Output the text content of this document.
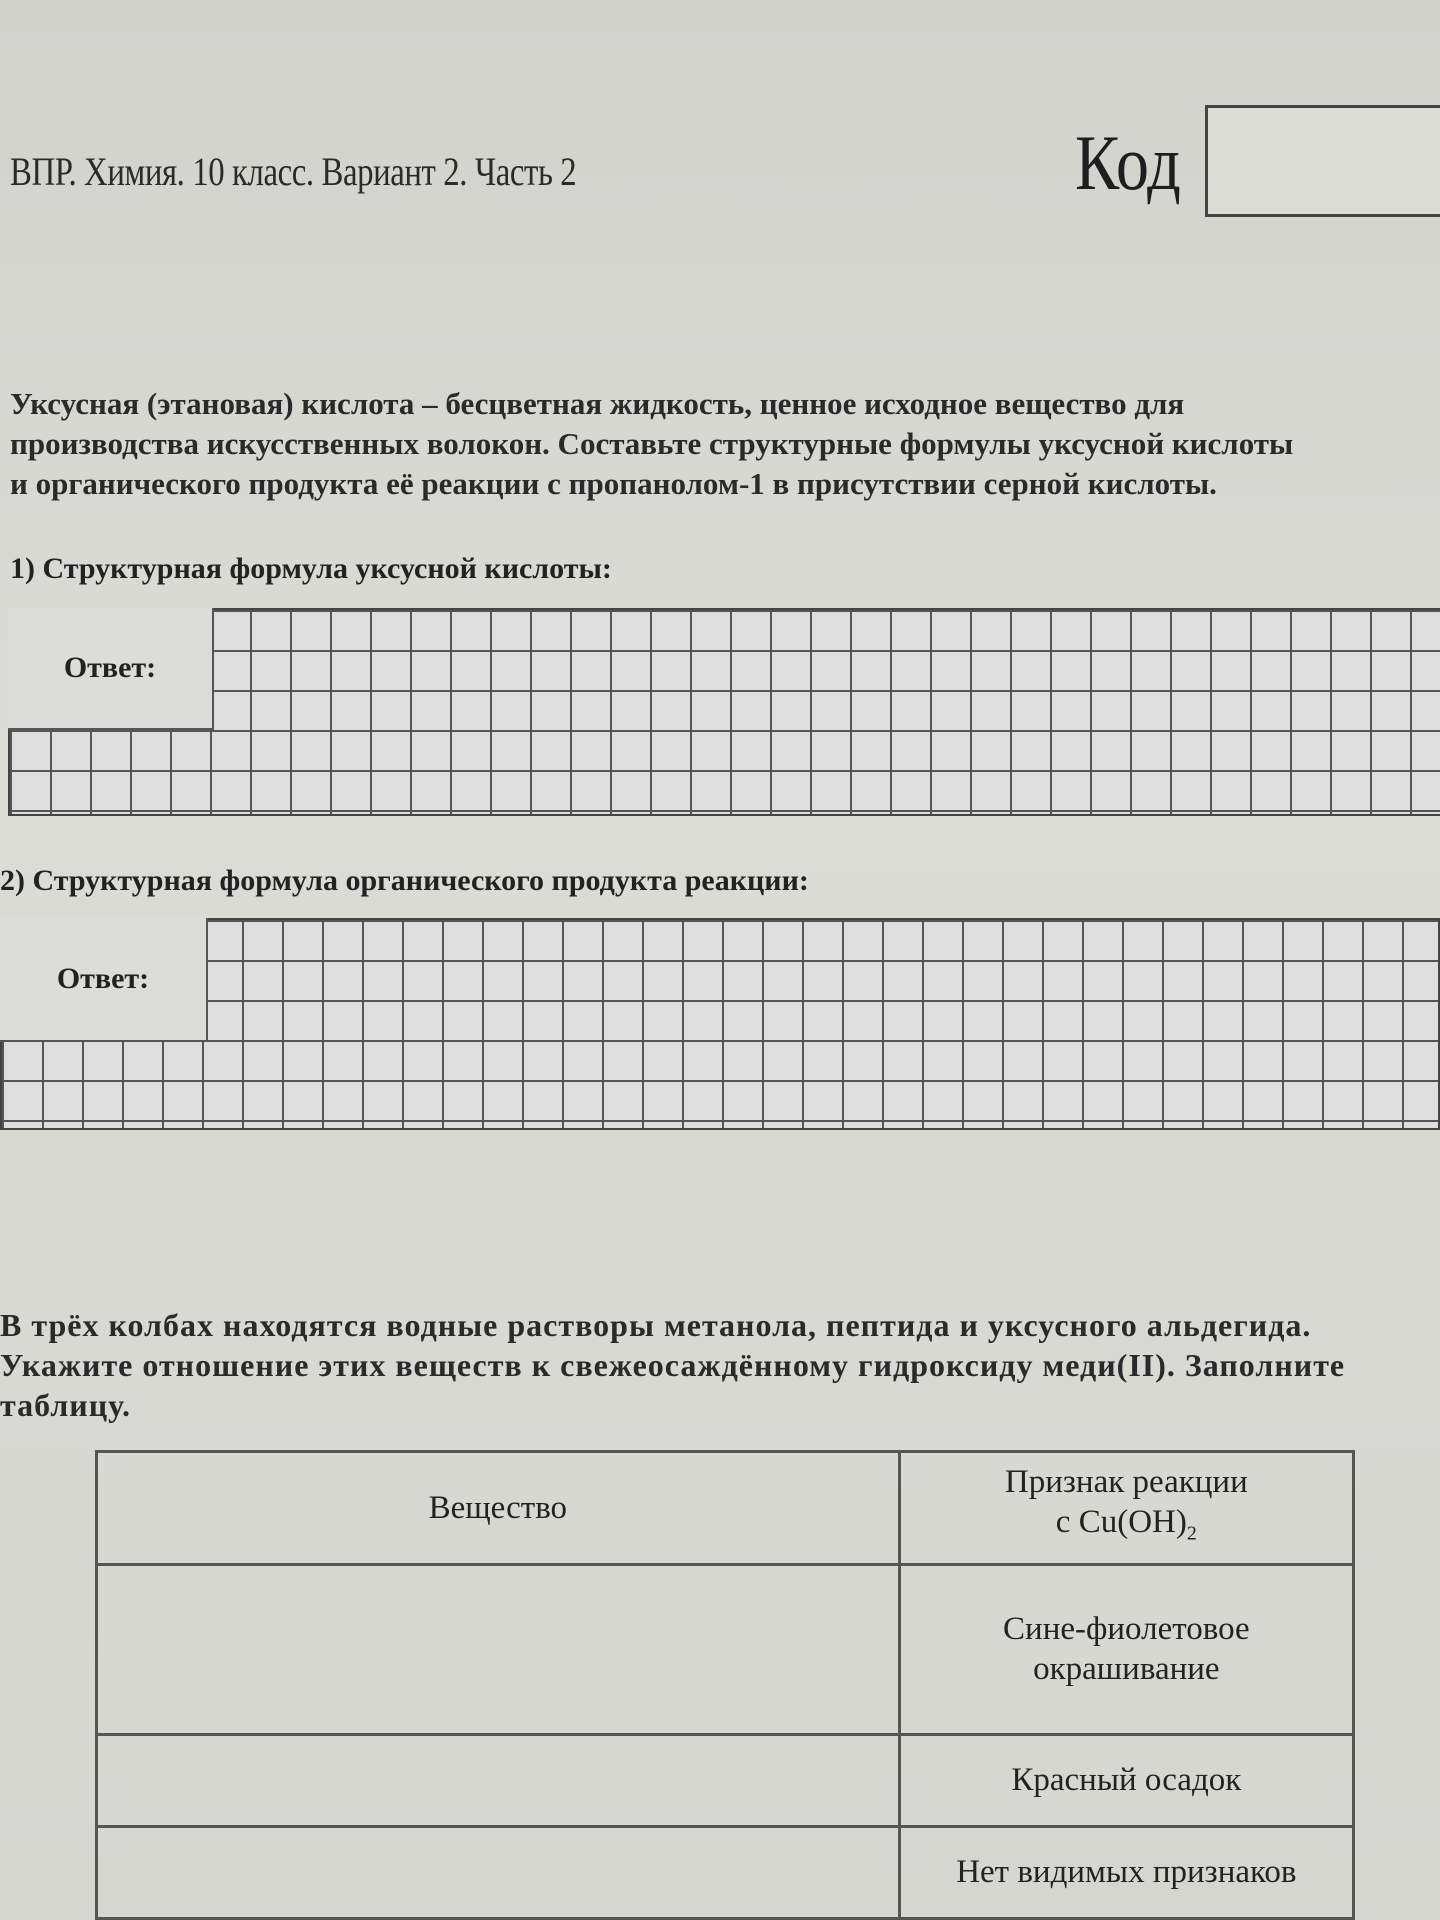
ВПР. Химия. 10 класс. Вариант 2. Часть 2	Код
Уксусная (этановая) кислота – бесцветная жидкость, ценное исходное вещество для
производства искусственных волокон. Составьте структурные формулы уксусной кислоты
и органического продукта её реакции с пропанолом-1 в присутствии серной кислоты.
1) Структурная формула уксусной кислоты:
Ответ:
2) Структурная формула органического продукта реакции:
Ответ:
В трёх колбах находятся водные растворы метанола, пептида и уксусного альдегида.
Укажите отношение этих веществ к свежеосаждённому гидроксиду меди(II). Заполните
таблицу.
Вещество	Признак реакции
с $Cu(OH)_2$
	Сине-фиолетовое окрашивание
	Красный осадок
	Нет видимых признаков
